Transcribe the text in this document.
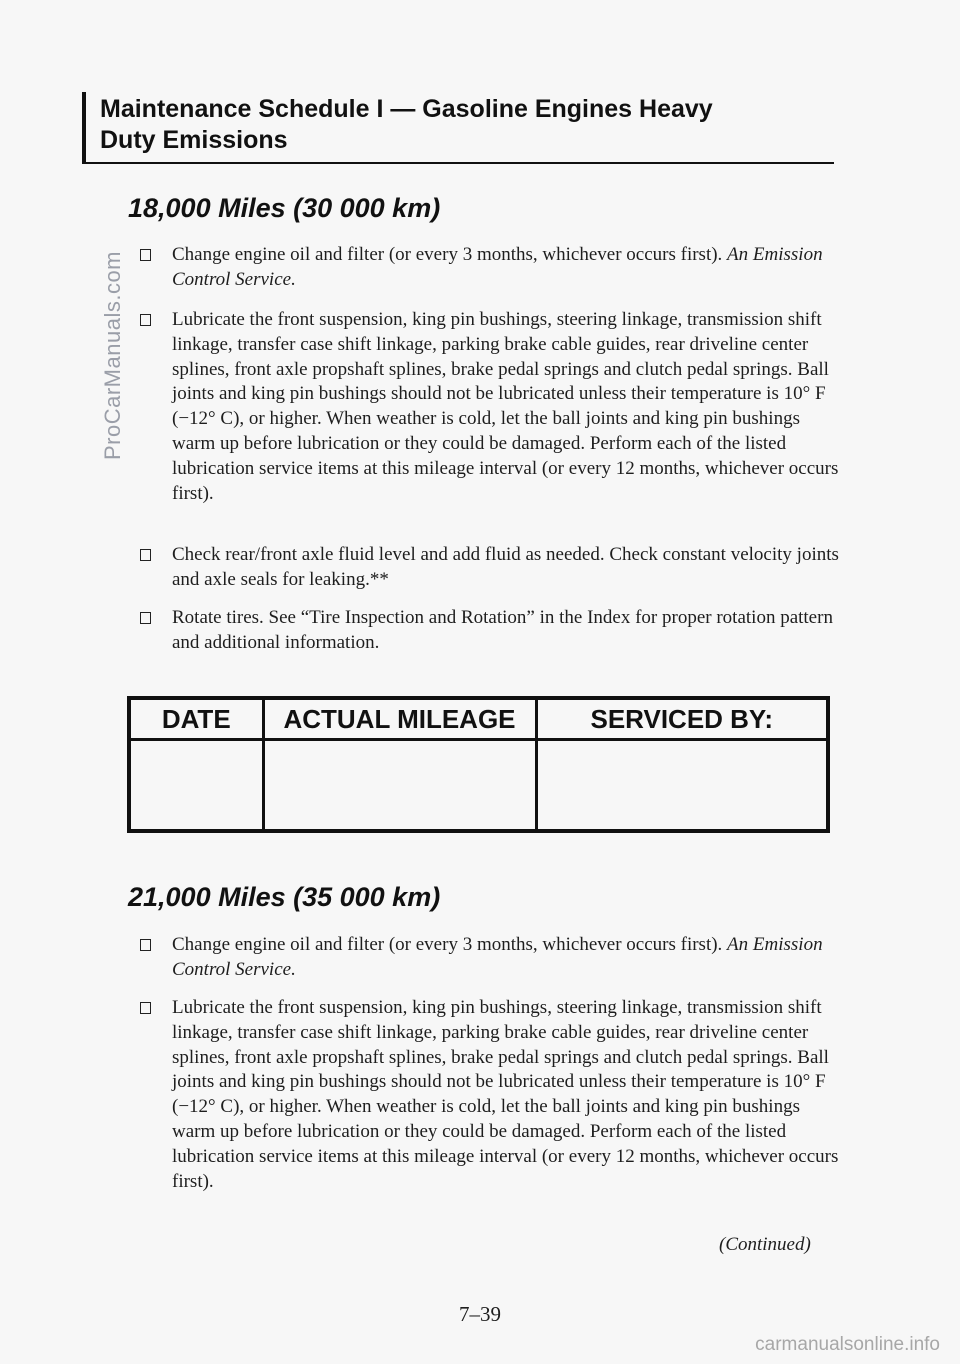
ProCarManuals.com
Maintenance Schedule I — Gasoline Engines Heavy
Duty Emissions
18,000 Miles (30 000 km)
Change engine oil and filter (or every 3 months, whichever occurs first). An Emission Control Service.
Lubricate the front suspension, king pin bushings, steering linkage, transmission shift linkage, transfer case shift linkage, parking brake cable guides, rear driveline center splines, front axle propshaft splines, brake pedal springs and clutch pedal springs. Ball joints and king pin bushings should not be lubricated unless their temperature is 10° F (−12° C), or higher. When weather is cold, let the ball joints and king pin bushings warm up before lubrication or they could be damaged. Perform each of the listed lubrication service items at this mileage interval (or every 12 months, whichever occurs first).
Check rear/front axle fluid level and add fluid as needed. Check constant velocity joints and axle seals for leaking.**
Rotate tires. See “Tire Inspection and Rotation” in the Index for proper rotation pattern and additional information.
DATE	ACTUAL MILEAGE	SERVICED BY:

21,000 Miles (35 000 km)
Change engine oil and filter (or every 3 months, whichever occurs first). An Emission Control Service.
Lubricate the front suspension, king pin bushings, steering linkage, transmission shift linkage, transfer case shift linkage, parking brake cable guides, rear driveline center splines, front axle propshaft splines, brake pedal springs and clutch pedal springs. Ball joints and king pin bushings should not be lubricated unless their temperature is 10° F (−12° C), or higher. When weather is cold, let the ball joints and king pin bushings warm up before lubrication or they could be damaged. Perform each of the listed lubrication service items at this mileage interval (or every 12 months, whichever occurs first).
(Continued)
7–39
carmanualsonline.info
